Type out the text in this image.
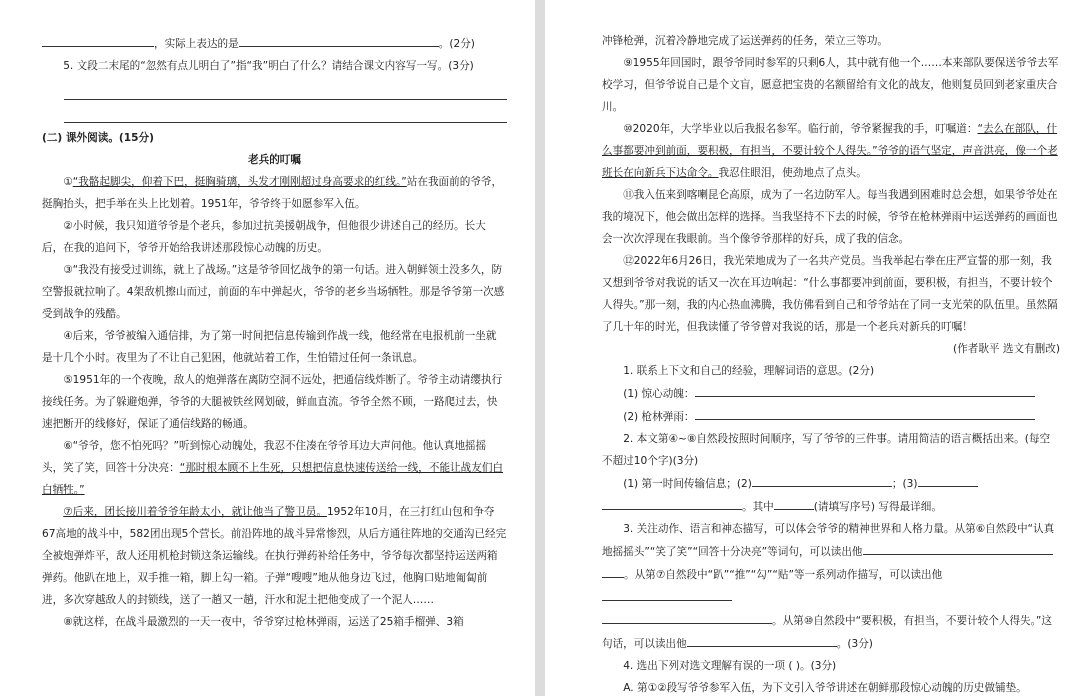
，实际上表达的是	。(2分)

5. 文段二末尾的“忽然有点儿明白了”指“我”明白了什么？请结合课文内容写一写。(3分)

(二) 课外阅读。(15分)

老兵的叮嘱

①“我骼起脚尖，仰着下巴，挺胸骑璃，头发才刚刚超过身高要求的红线。”站在我面前的爷爷，挺胸抬头，把手举在头上比划着。1951年，爷爷终于如愿参军入伍。

②小时候，我只知道爷爷是个老兵，参加过抗美援朝战争，但他很少讲述自己的经历。长大后，在我的追问下，爷爷开始给我讲述那段惊心动魄的历史。

③“我没有接受过训练，就上了战场。”这是爷爷回忆战争的第一句话。进入朝鲜领土没多久，防空警报就拉响了。4架敌机擦山而过，前面的车中弹起火，爷爷的老乡当场牺牲。那是爷爷第一次感受到战争的残酷。

④后来，爷爷被编入通信排，为了第一时间把信息传输到作战一线，他经常在电报机前一坐就是十几个小时。夜里为了不让自己犯困，他就站着工作，生怕错过任何一条讯息。

⑤1951年的一个夜晚，敌人的炮弹落在离防空洞不远处，把通信线炸断了。爷爷主动请缨执行接线任务。为了躲避炮弹，爷爷的大腿被铁丝网划破，鲜血直流。爷爷全然不顾，一路爬过去，快速把断开的线修好，保证了通信线路的畅通。

⑥“爷爷，您不怕死吗？”听到惊心动魄处，我忍不住凑在爷爷耳边大声问他。他认真地摇摇头，笑了笑，回答十分决亮：“那时根本顾不上生死，只想把信息快速传送给一线，不能让战友们白白牺牲。”

⑦后来，团长接川着爷爷年龄太小，就让他当了警卫员。1952年10月，在三打红山包和争夺67高地的战斗中，582团出现5个营长。前沿阵地的战斗异常惨烈，从后方通往阵地的交通沟已经完全被炮弹炸平，敌人还用机枪封锁这条运输线。在执行弹药补给任务中，爷爷每次都坚持运送两箱弹药。他趴在地上，双手推一箱，脚上勾一箱。子弹“嗖嗖”地从他身边飞过，他胸口贴地匍匐前进，多次穿越敌人的封锁线，送了一趟又一趟，汗水和泥土把他变成了一个泥人……

⑧就这样，在战斗最激烈的一天一夜中，爷爷穿过枪林弹雨，运送了25箱手榴弹、3箱

冲锋枪弹，沉着冷静地完成了运送弹药的任务，荣立三等功。

⑨1955年回国时，跟爷爷同时参军的只剩6人，其中就有他一个……本来部队要保送爷爷去军校学习，但爷爷说自己是个文盲，愿意把宝贵的名额留给有文化的战友，他则复员回到老家重庆合川。

⑩2020年，大学毕业以后我报名参军。临行前，爷爷紧握我的手，叮嘱道：“去么在部队，什么事都要冲到前面，要积极，有担当，不要计较个人得失。”爷爷的语气坚定，声音洪亮，像一个老班长在向新兵下达命令。我忍住眼泪，使劲地点了点头。

⑪我入伍来到喀喇昆仑高原，成为了一名边防军人。每当我遇到困难时总会想，如果爷爷处在我的境况下，他会做出怎样的选择。当我坚持不下去的时候，爷爷在枪林弹雨中运送弹药的画面也会一次次浮现在我眼前。当个像爷爷那样的好兵，成了我的信念。

⑫2022年6月26日，我光荣地成为了一名共产党员。当我举起右拳在庄严宣誓的那一刻，我又想到爷爷对我说的话又一次在耳边响起：“什么事都要冲到前面，要积极，有担当，不要计较个人得失。”那一刻，我的内心热血沸腾，我仿佛看到自己和爷爷站在了同一支光荣的队伍里。虽然隔了几十年的时光，但我读懂了爷爷曾对我说的话，那是一个老兵对新兵的叮嘱！

(作者耿平 选文有删改)

1. 联系上下文和自己的经验，理解词语的意思。(2分)

(1) 惊心动魄：

(2) 枪林弹雨：

2. 本文第④~⑧自然段按照时间顺序，写了爷爷的三件事。请用简洁的语言概括出来。(每空不超过10个字)(3分)

(1) 第一时间传输信息；(2)	；(3)

。其中	(请填写序号) 写得最详细。

3. 关注动作、语言和神态描写，可以体会爷爷的精神世界和人格力量。从第⑥自然段中“认真地摇摇头”“笑了笑”“回答十分决亮”等词句，可以读出他

。从第⑦自然段中“趴”“推”“勾”“贴”等一系列动作描写，可以读出他

。从第⑩自然段中“要积极，有担当，不要计较个人得失。”这句话，可以读出他	。(3分)

4. 选出下列对选文理解有误的一项 ( )。(3分)

A. 第①②段写爷爷参军入伍，为下文引入爷爷讲述在朝鲜那段惊心动魄的历史做铺垫。
